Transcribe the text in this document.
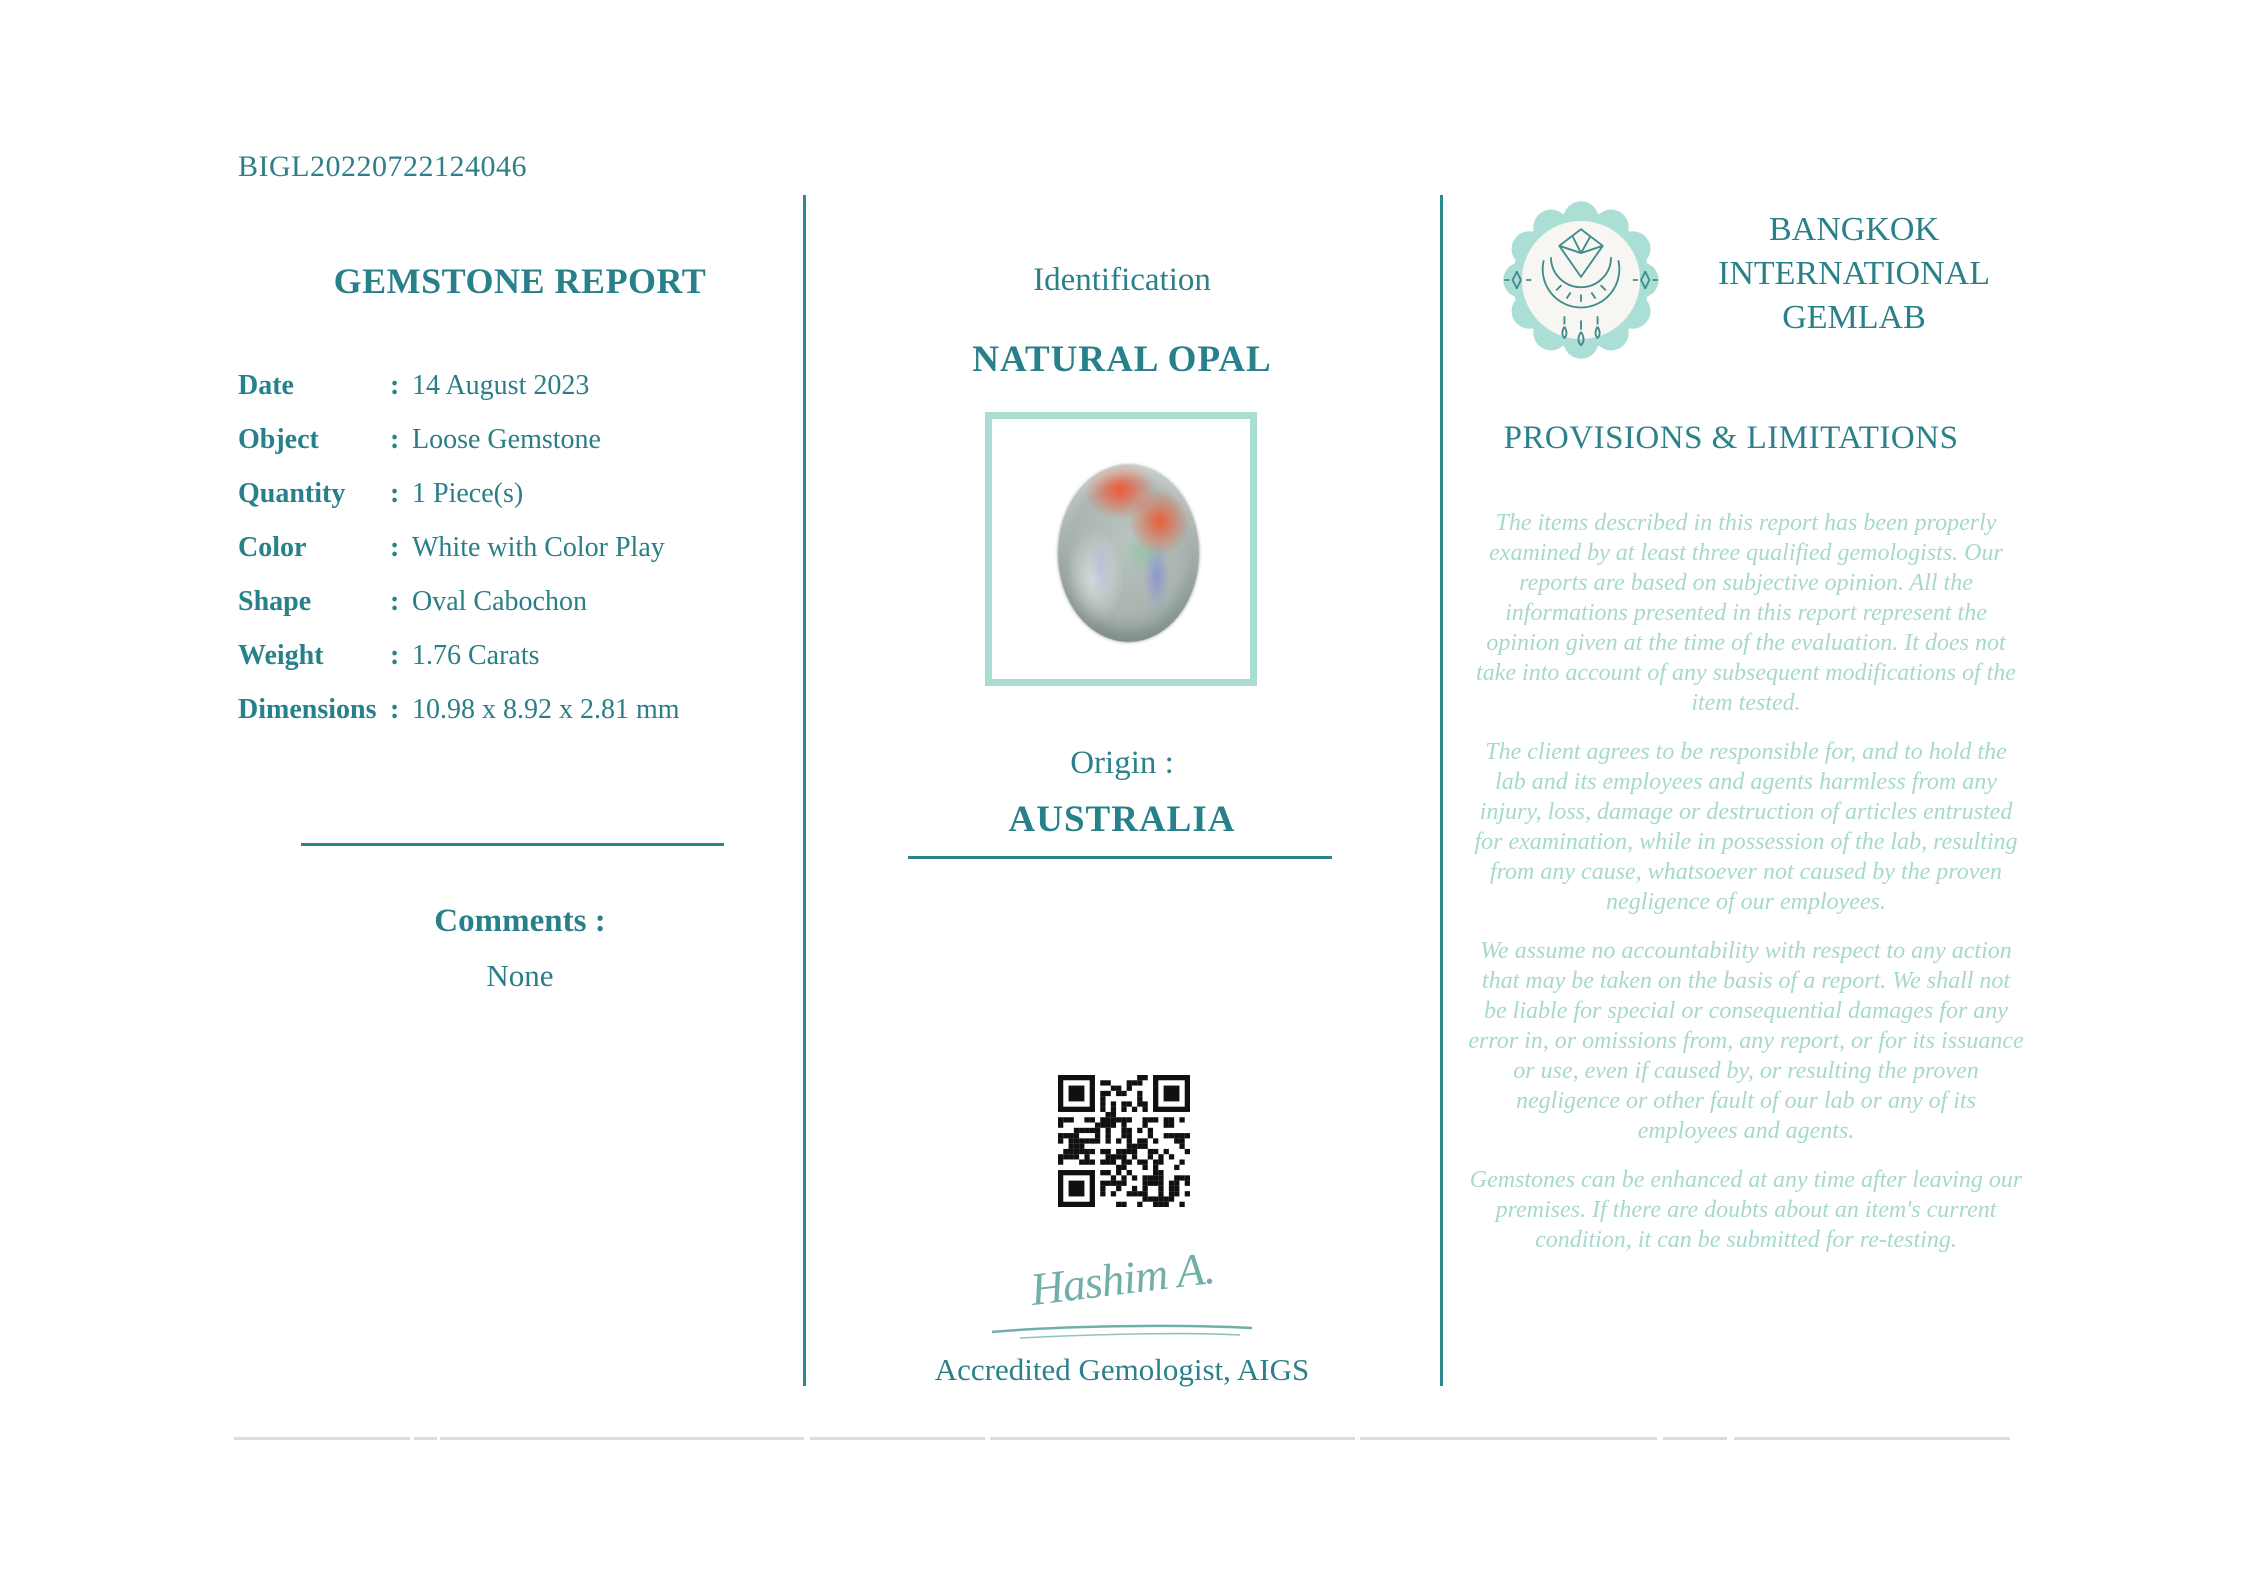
BIGL20220722124046
GEMSTONE REPORT
Date	: 14 August 2023
Object	: Loose Gemstone
Quantity : 1 Piece(s)
Color	: White with Color Play
Shape	: Oval Cabochon
Weight : 1.76 Carats
Dimensions : 10.98 x 8.92 x 2.81 mm
Comments :
None
Identification
NATURAL OPAL
Origin :
AUSTRALIA
Hashim A.
Accredited Gemologist, AIGS
BANGKOK INTERNATIONAL GEMLAB
PROVISIONS & LIMITATIONS

The items described in this report has been properly examined by at least three qualified gemologists. Our reports are based on subjective opinion. All the informations presented in this report represent the opinion given at the time of the evaluation. It does not take into account of any subsequent modifications of the item tested.

The client agrees to be responsible for, and to hold the lab and its employees and agents harmless from any injury, loss, damage or destruction of articles entrusted for examination, while in possession of the lab, resulting from any cause, whatsoever not caused by the proven negligence of our employees.

We assume no accountability with respect to any action that may be taken on the basis of a report. We shall not be liable for special or consequential damages for any error in, or omissions from, any report, or for its issuance or use, even if caused by, or resulting the proven negligence or other fault of our lab or any of its employees and agents.

Gemstones can be enhanced at any time after leaving our premises. If there are doubts about an item's current condition, it can be submitted for re-testing.
